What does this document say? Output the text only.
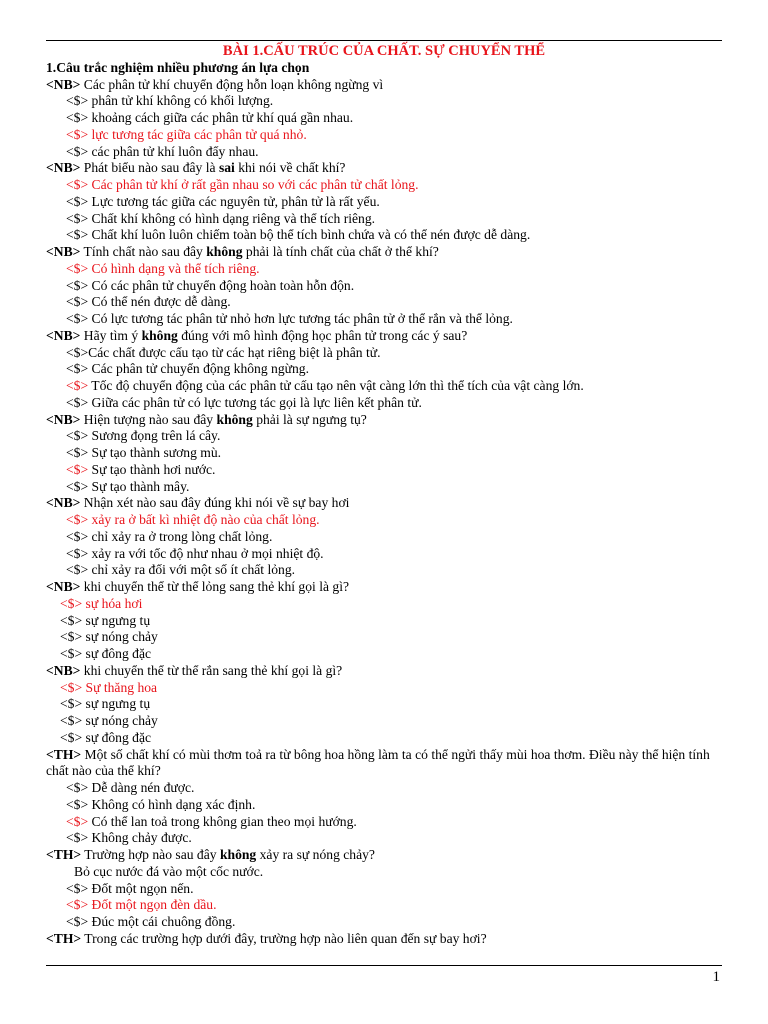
BÀI 1.CẤU TRÚC CỦA CHẤT. SỰ CHUYỂN THỂ
1.Câu trắc nghiệm nhiều phương án lựa chọn
<NB> Các phân tử khí chuyển động hỗn loạn không ngừng vì
<$> phân tử khí không có khối lượng.
<$> khoảng cách giữa các phân tử khí quá gần nhau.
<$> lực tương tác giữa các phân tử quá nhỏ.
<$> các phân tử khí luôn đẩy nhau.
<NB> Phát biểu nào sau đây là sai khi nói về chất khí?
<$> Các phân tử khí ở rất gần nhau so với các phân tử chất lỏng.
<$> Lực tương tác giữa các nguyên tử, phân tử là rất yếu.
<$> Chất khí không có hình dạng riêng và thể tích riêng.
<$> Chất khí luôn luôn chiếm toàn bộ thể tích bình chứa và có thể nén được dễ dàng.
<NB> Tính chất nào sau đây không phải là tính chất của chất ở thể khí?
<$> Có hình dạng và thể tích riêng.
<$> Có các phân tử chuyển động hoàn toàn hỗn độn.
<$> Có thể nén được dễ dàng.
<$> Có lực tương tác phân tử nhỏ hơn lực tương tác phân tử ở thể rắn và thể lỏng.
<NB> Hãy tìm ý không đúng với mô hình động học phân tử trong các ý sau?
<$>Các chất được cấu tạo từ các hạt riêng biệt là phân tử.
<$> Các phân tử chuyển động không ngừng.
<$> Tốc độ chuyển động của các phân tử cấu tạo nên vật càng lớn thì thể tích của vật càng lớn.
<$> Giữa các phân tử có lực tương tác gọi là lực liên kết phân tử.
<NB> Hiện tượng nào sau đây không phải là sự ngưng tụ?
<$> Sương đọng trên lá cây.
<$> Sự tạo thành sương mù.
<$> Sự tạo thành hơi nước.
<$> Sự tạo thành mây.
<NB> Nhận xét nào sau đây đúng khi nói về sự bay hơi
<$> xảy ra ở bất kì nhiệt độ nào của chất lỏng.
<$> chỉ xảy ra ở trong lòng chất lỏng.
<$> xảy ra với tốc độ như nhau ở mọi nhiệt độ.
<$> chỉ xảy ra đối với một số ít chất lỏng.
<NB> khi chuyển thể từ thể lỏng sang thẻ khí gọi là gì?
<$> sự hóa hơi
<$> sự ngưng tụ
<$> sự nóng chảy
<$> sự đông đặc
<NB> khi chuyển thể từ thể rắn sang thẻ khí gọi là gì?
<$> Sự thăng hoa
<$> sự ngưng tụ
<$> sự nóng chảy
<$> sự đông đặc
<TH> Một số chất khí có mùi thơm toả ra từ bông hoa hồng làm ta có thể ngửi thấy mùi hoa thơm. Điều này thể hiện tính chất nào của thể khí?
<$> Dễ dàng nén được.
<$> Không có hình dạng xác định.
<$> Có thể lan toả trong không gian theo mọi hướng.
<$> Không chảy được.
<TH> Trường hợp nào sau đây không xảy ra sự nóng chảy?
Bỏ cục nước đá vào một cốc nước.
<$> Đốt một ngọn nến.
<$> Đốt một ngọn đèn dầu.
<$> Đúc một cái chuông đồng.
<TH> Trong các trường hợp dưới đây, trường hợp nào liên quan đến sự bay hơi?
1
